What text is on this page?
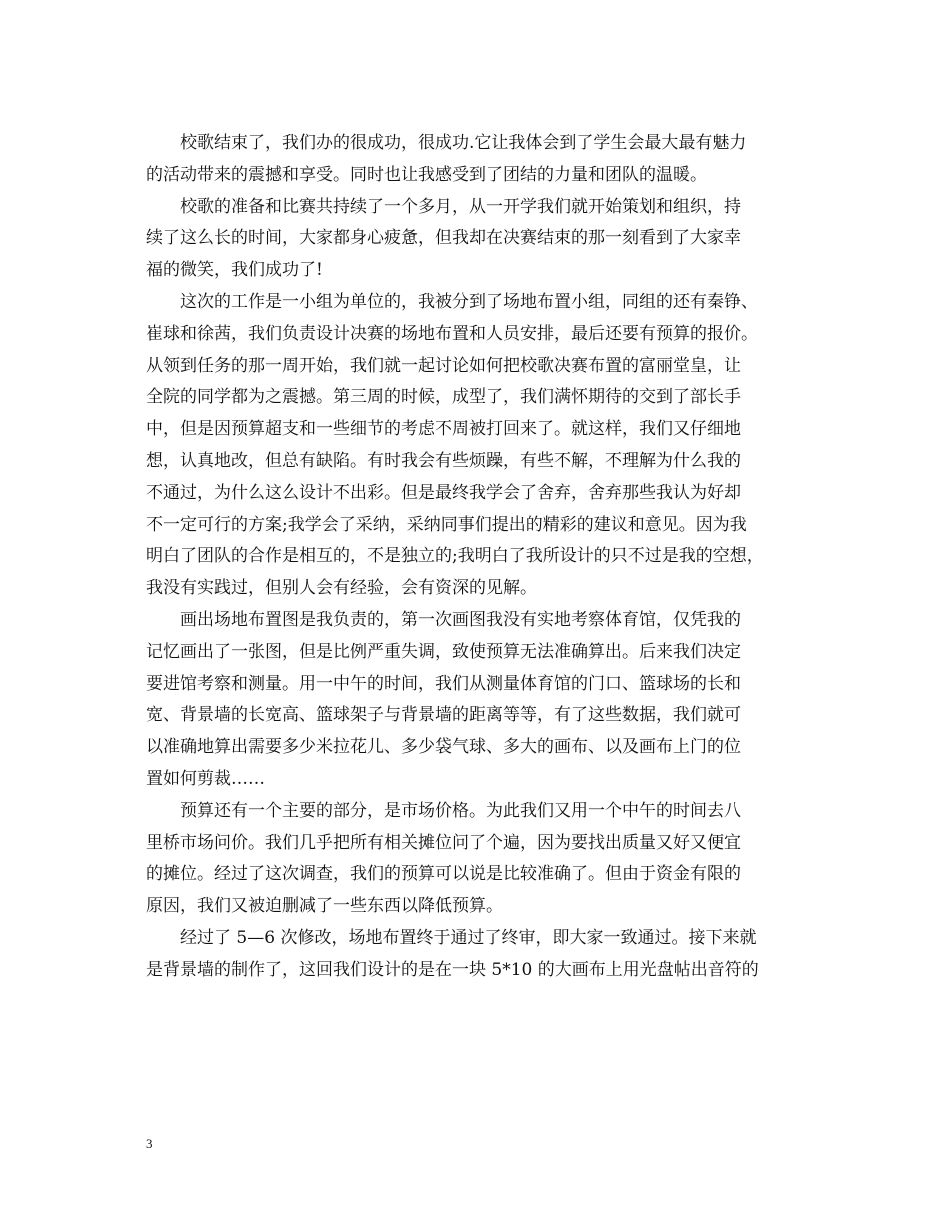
校歌结束了，我们办的很成功，很成功.它让我体会到了学生会最大最有魅力
的活动带来的震撼和享受。同时也让我感受到了团结的力量和团队的温暖。
校歌的准备和比赛共持续了一个多月，从一开学我们就开始策划和组织，持
续了这么长的时间，大家都身心疲惫，但我却在决赛结束的那一刻看到了大家幸
福的微笑，我们成功了!
这次的工作是一小组为单位的，我被分到了场地布置小组，同组的还有秦铮、
崔球和徐茜，我们负责设计决赛的场地布置和人员安排，最后还要有预算的报价。
从领到任务的那一周开始，我们就一起讨论如何把校歌决赛布置的富丽堂皇，让
全院的同学都为之震撼。第三周的时候，成型了，我们满怀期待的交到了部长手
中，但是因预算超支和一些细节的考虑不周被打回来了。就这样，我们又仔细地
想，认真地改，但总有缺陷。有时我会有些烦躁，有些不解，不理解为什么我的
不通过，为什么这么设计不出彩。但是最终我学会了舍弃，舍弃那些我认为好却
不一定可行的方案;我学会了采纳，采纳同事们提出的精彩的建议和意见。因为我
明白了团队的合作是相互的，不是独立的;我明白了我所设计的只不过是我的空想，
我没有实践过，但别人会有经验，会有资深的见解。
画出场地布置图是我负责的，第一次画图我没有实地考察体育馆，仅凭我的
记忆画出了一张图，但是比例严重失调，致使预算无法准确算出。后来我们决定
要进馆考察和测量。用一中午的时间，我们从测量体育馆的门口、篮球场的长和
宽、背景墙的长宽高、篮球架子与背景墙的距离等等，有了这些数据，我们就可
以准确地算出需要多少米拉花儿、多少袋气球、多大的画布、以及画布上门的位
置如何剪裁……
预算还有一个主要的部分，是市场价格。为此我们又用一个中午的时间去八
里桥市场问价。我们几乎把所有相关摊位问了个遍，因为要找出质量又好又便宜
的摊位。经过了这次调查，我们的预算可以说是比较准确了。但由于资金有限的
原因，我们又被迫删减了一些东西以降低预算。
经过了 5—6 次修改，场地布置终于通过了终审，即大家一致通过。接下来就
是背景墙的制作了，这回我们设计的是在一块 5*10 的大画布上用光盘帖出音符的
3
